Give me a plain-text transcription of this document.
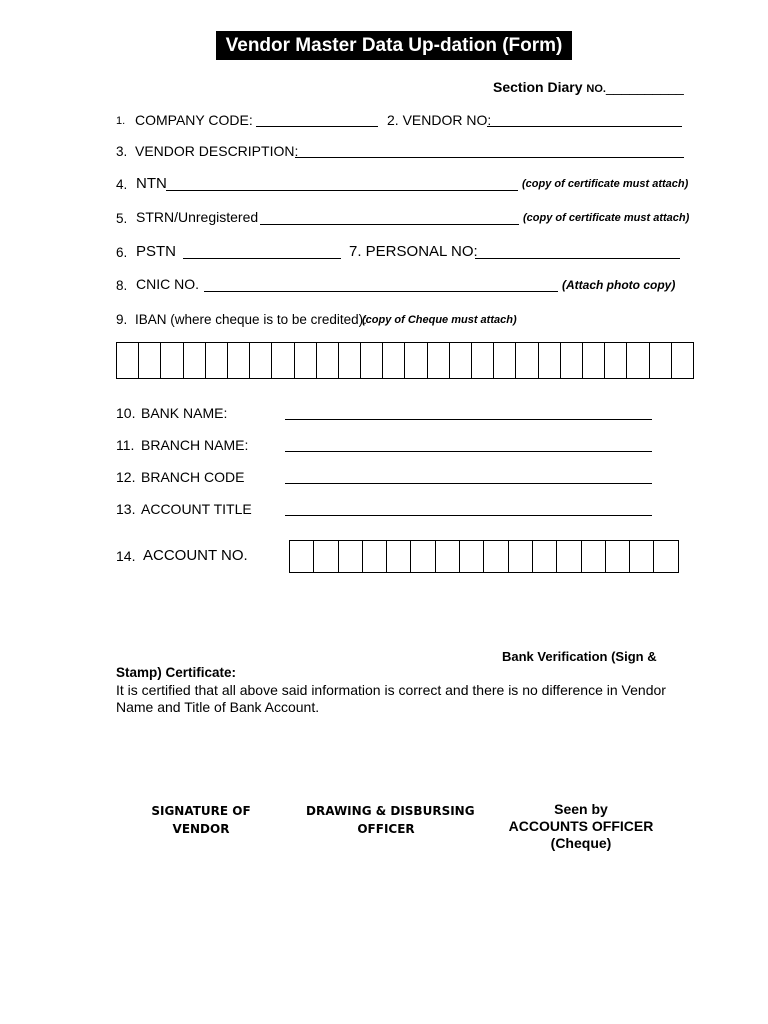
Vendor Master Data Up-dation (Form)
Section Diary NO.__________
1. COMPANY CODE:	2. VENDOR NO:
3. VENDOR DESCRIPTION:
4. NTN	(copy of certificate must attach)
5. STRN/Unregistered	(copy of certificate must attach)
6. PSTN	7. PERSONAL NO:
8. CNIC NO.	(Attach photo copy)
9. IBAN (where cheque is to be credited):
(copy of Cheque must attach)
10. BANK NAME:
11. BRANCH NAME:
12. BRANCH CODE
13. ACCOUNT TITLE
14. ACCOUNT NO.
Bank Verification (Sign &
Stamp) Certificate:
It is certified that all above said information is correct and there is no difference in Vendor Name and Title of Bank Account.
SIGNATURE OF
VENDOR
DRAWING & DISBURSING
OFFICER
Seen by
ACCOUNTS OFFICER
(Cheque)
